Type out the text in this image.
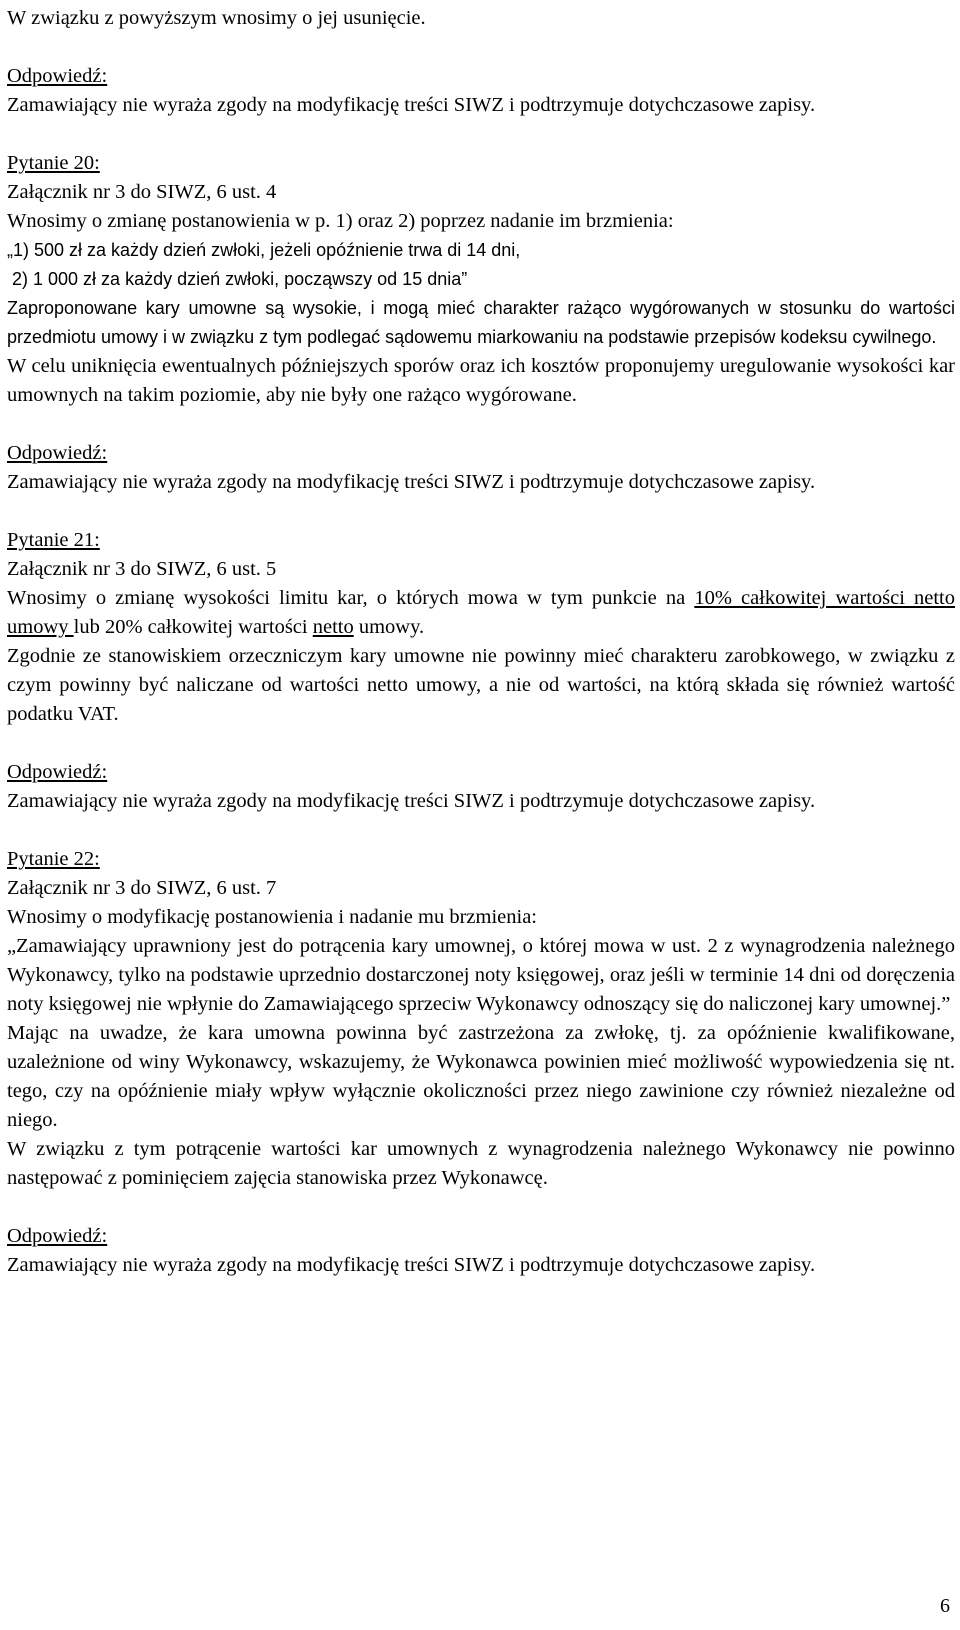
W związku z powyższym wnosimy o jej usunięcie.

Odpowiedź:

Zamawiający nie wyraża zgody na modyfikację treści SIWZ i podtrzymuje dotychczasowe zapisy.

Pytanie 20:

Załącznik nr 3 do SIWZ, 6 ust. 4

Wnosimy o zmianę postanowienia w p. 1) oraz 2) poprzez nadanie im brzmienia:

„1) 500 zł za każdy dzień zwłoki, jeżeli opóźnienie trwa di 14 dni,

2) 1 000 zł za każdy dzień zwłoki, począwszy od 15 dnia”

Zaproponowane kary umowne są wysokie, i mogą mieć charakter rażąco wygórowanych w stosunku do wartości przedmiotu umowy i w związku z tym podlegać sądowemu miarkowaniu na podstawie przepisów kodeksu cywilnego.

W celu uniknięcia ewentualnych późniejszych sporów oraz ich kosztów proponujemy uregulowanie wysokości kar umownych na takim poziomie, aby nie były one rażąco wygórowane.

Odpowiedź:

Zamawiający nie wyraża zgody na modyfikację treści SIWZ i podtrzymuje dotychczasowe zapisy.

Pytanie 21:

Załącznik nr 3 do SIWZ, 6 ust. 5

Wnosimy o zmianę wysokości limitu kar, o których mowa w tym punkcie na 10% całkowitej wartości netto umowy lub 20% całkowitej wartości netto umowy.

Zgodnie ze stanowiskiem orzeczniczym kary umowne nie powinny mieć charakteru zarobkowego, w związku z czym powinny być naliczane od wartości netto umowy, a nie od wartości, na którą składa się również wartość podatku VAT.

Odpowiedź:

Zamawiający nie wyraża zgody na modyfikację treści SIWZ i podtrzymuje dotychczasowe zapisy.

Pytanie 22:

Załącznik nr 3 do SIWZ, 6 ust. 7

Wnosimy o modyfikację postanowienia i nadanie mu brzmienia:

„Zamawiający uprawniony jest do potrącenia kary umownej, o której mowa w ust. 2 z wynagrodzenia należnego Wykonawcy, tylko na podstawie uprzednio dostarczonej noty księgowej, oraz jeśli w terminie 14 dni od doręczenia noty księgowej nie wpłynie do Zamawiającego sprzeciw Wykonawcy odnoszący się do naliczonej kary umownej.”

Mając na uwadze, że kara umowna powinna być zastrzeżona za zwłokę, tj. za opóźnienie kwalifikowane, uzależnione od winy Wykonawcy, wskazujemy, że Wykonawca powinien mieć możliwość wypowiedzenia się nt. tego, czy na opóźnienie miały wpływ wyłącznie okoliczności przez niego zawinione czy również niezależne od niego.

W związku z tym potrącenie wartości kar umownych z wynagrodzenia należnego Wykonawcy nie powinno następować z pominięciem zajęcia stanowiska przez Wykonawcę.

Odpowiedź:

Zamawiający nie wyraża zgody na modyfikację treści SIWZ i podtrzymuje dotychczasowe zapisy.

6
